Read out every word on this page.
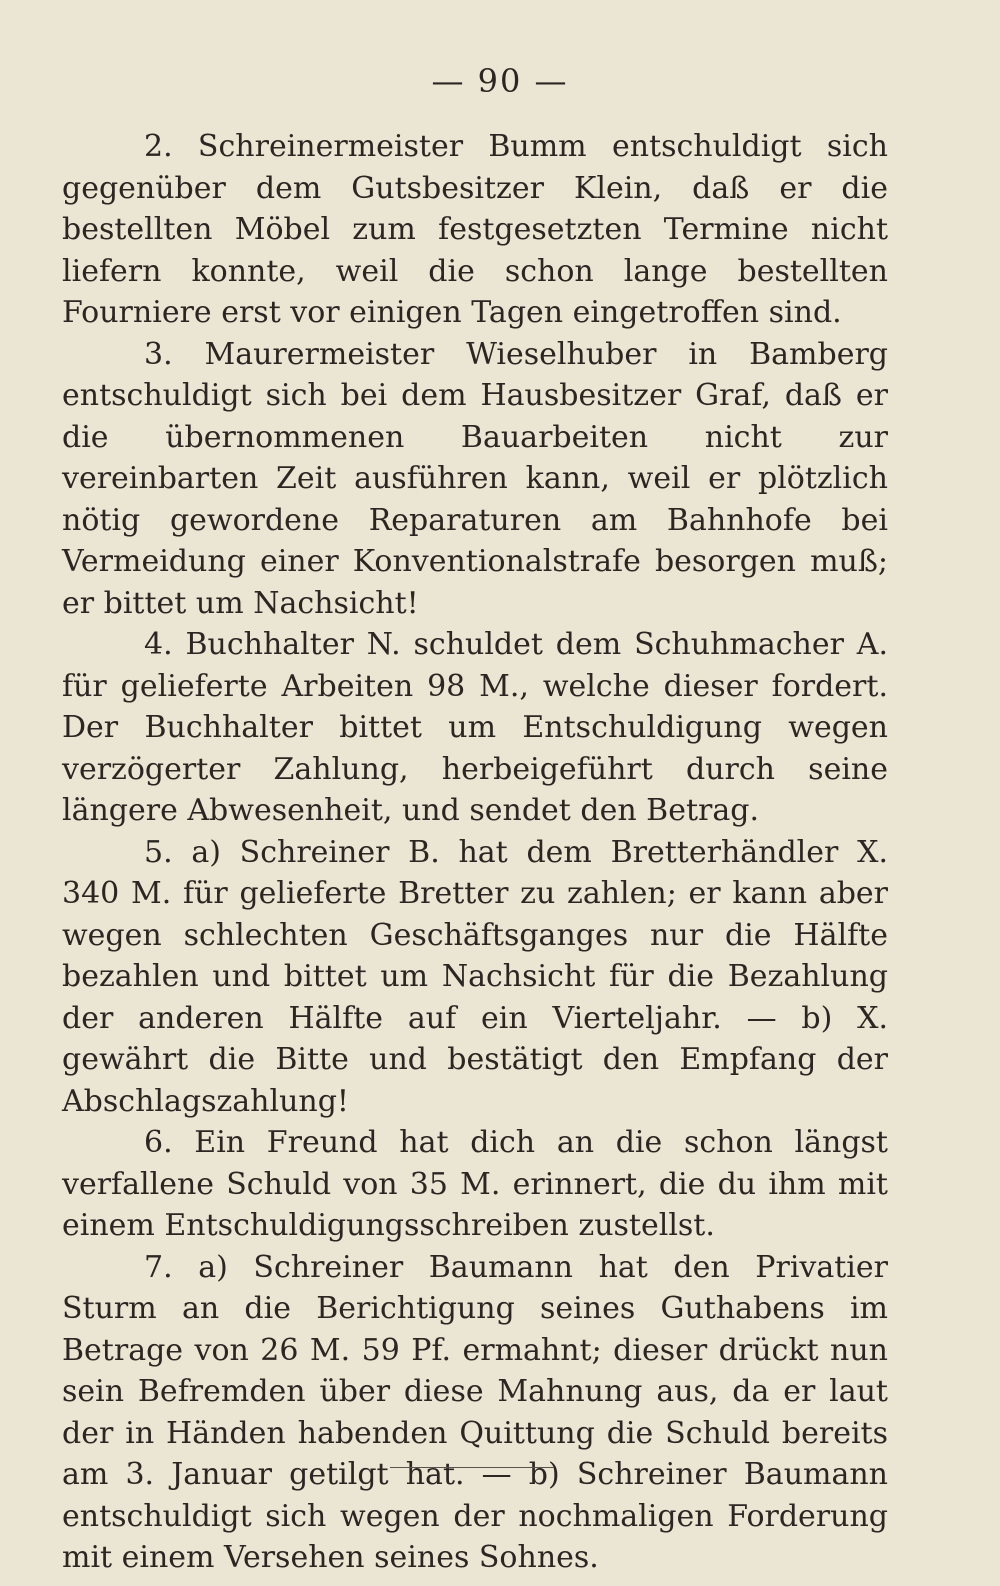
— 90 —

2. Schreinermeister Bumm entschuldigt sich gegenüber dem Gutsbesitzer Klein, daß er die bestellten Möbel zum festgesetzten Termine nicht liefern konnte, weil die schon lange bestellten Fourniere erst vor einigen Tagen eingetroffen sind.

3. Maurermeister Wieselhuber in Bamberg entschuldigt sich bei dem Hausbesitzer Graf, daß er die übernommenen Bauarbeiten nicht zur vereinbarten Zeit ausführen kann, weil er plötzlich nötig gewordene Reparaturen am Bahnhofe bei Vermeidung einer Konventionalstrafe besorgen muß; er bittet um Nachsicht!

4. Buchhalter N. schuldet dem Schuhmacher A. für gelieferte Arbeiten 98 M., welche dieser fordert. Der Buchhalter bittet um Entschuldigung wegen verzögerter Zahlung, herbeigeführt durch seine längere Abwesenheit, und sendet den Betrag.

5. a) Schreiner B. hat dem Bretterhändler X. 340 M. für gelieferte Bretter zu zahlen; er kann aber wegen schlechten Geschäftsganges nur die Hälfte bezahlen und bittet um Nachsicht für die Bezahlung der anderen Hälfte auf ein Vierteljahr. — b) X. gewährt die Bitte und bestätigt den Empfang der Abschlagszahlung!

6. Ein Freund hat dich an die schon längst verfallene Schuld von 35 M. erinnert, die du ihm mit einem Entschuldigungsschreiben zustellst.

7. a) Schreiner Baumann hat den Privatier Sturm an die Berichtigung seines Guthabens im Betrage von 26 M. 59 Pf. ermahnt; dieser drückt nun sein Befremden über diese Mahnung aus, da er laut der in Händen habenden Quittung die Schuld bereits am 3. Januar getilgt hat. — b) Schreiner Baumann entschuldigt sich wegen der nochmaligen Forderung mit einem Versehen seines Sohnes.
